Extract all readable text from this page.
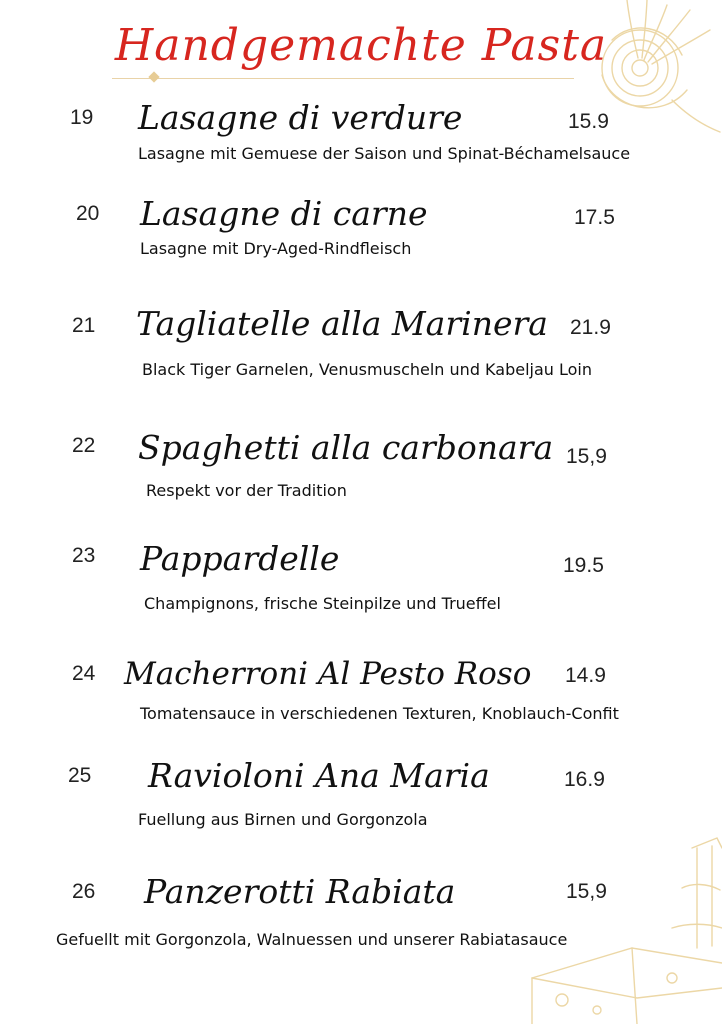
Handgemachte Pasta
19 Lasagne di verdure	15.9
Lasagne mit Gemuese der Saison und Spinat-Béchamelsauce
20 Lasagne di carne	17.5
Lasagne mit Dry-Aged-Rindfleisch
21 Tagliatelle alla Marinera 21.9
Black Tiger Garnelen, Venusmuscheln und Kabeljau Loin
22 Spaghetti alla carbonara 15,9
Respekt vor der Tradition
23 Pappardelle	19.5
Champignons, frische Steinpilze und Trueffel
24 Macherroni Al Pesto Roso 14.9
Tomatensauce in verschiedenen Texturen, Knoblauch-Confit
25 Ravioloni Ana Maria	16.9
Fuellung aus Birnen und Gorgonzola
26 Panzerotti Rabiata	15,9
Gefuellt mit Gorgonzola, Walnuessen und unserer Rabiatasauce
